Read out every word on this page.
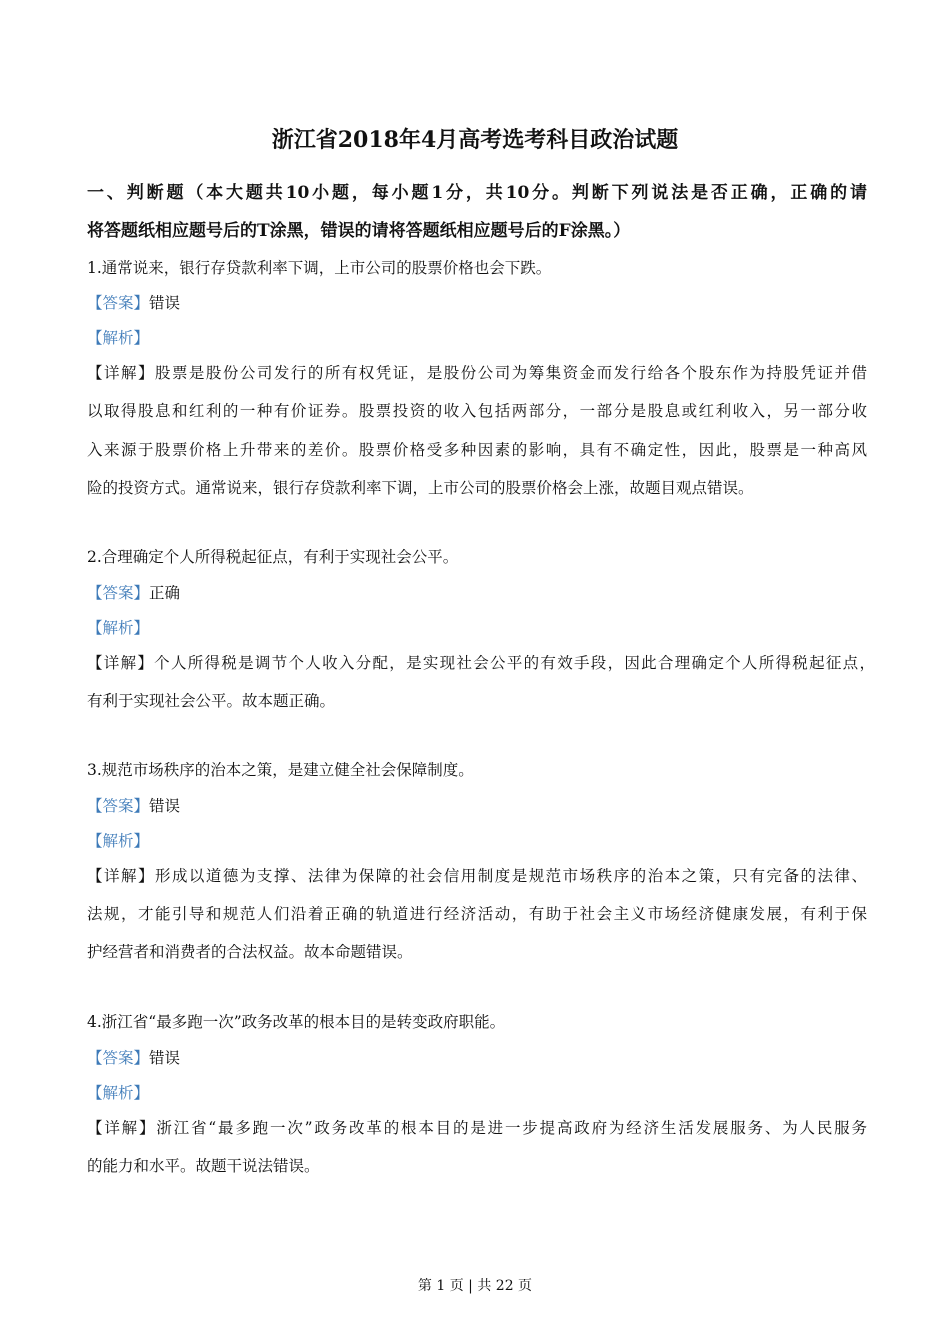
浙江省2018年4月高考选考科目政治试题
一、判断题（本大题共10小题，每小题1分，共10分。判断下列说法是否正确，正确的请
将答题纸相应题号后的T涂黑，错误的请将答题纸相应题号后的F涂黑。）
1.通常说来，银行存贷款利率下调，上市公司的股票价格也会下跌。
【答案】错误
【解析】
【详解】股票是股份公司发行的所有权凭证，是股份公司为筹集资金而发行给各个股东作为持股凭证并借
以取得股息和红利的一种有价证券。股票投资的收入包括两部分，一部分是股息或红利收入，另一部分收
入来源于股票价格上升带来的差价。股票价格受多种因素的影响，具有不确定性，因此，股票是一种高风
险的投资方式。通常说来，银行存贷款利率下调，上市公司的股票价格会上涨，故题目观点错误。
2.合理确定个人所得税起征点，有利于实现社会公平。
【答案】正确
【解析】
【详解】个人所得税是调节个人收入分配，是实现社会公平的有效手段，因此合理确定个人所得税起征点，
有利于实现社会公平。故本题正确。
3.规范市场秩序的治本之策，是建立健全社会保障制度。
【答案】错误
【解析】
【详解】形成以道德为支撑、法律为保障的社会信用制度是规范市场秩序的治本之策，只有完备的法律、
法规，才能引导和规范人们沿着正确的轨道进行经济活动，有助于社会主义市场经济健康发展，有利于保
护经营者和消费者的合法权益。故本命题错误。
4.浙江省“最多跑一次”政务改革的根本目的是转变政府职能。
【答案】错误
【解析】
【详解】浙江省“最多跑一次”政务改革的根本目的是进一步提高政府为经济生活发展服务、为人民服务
的能力和水平。故题干说法错误。
第 1 页 | 共 22 页
